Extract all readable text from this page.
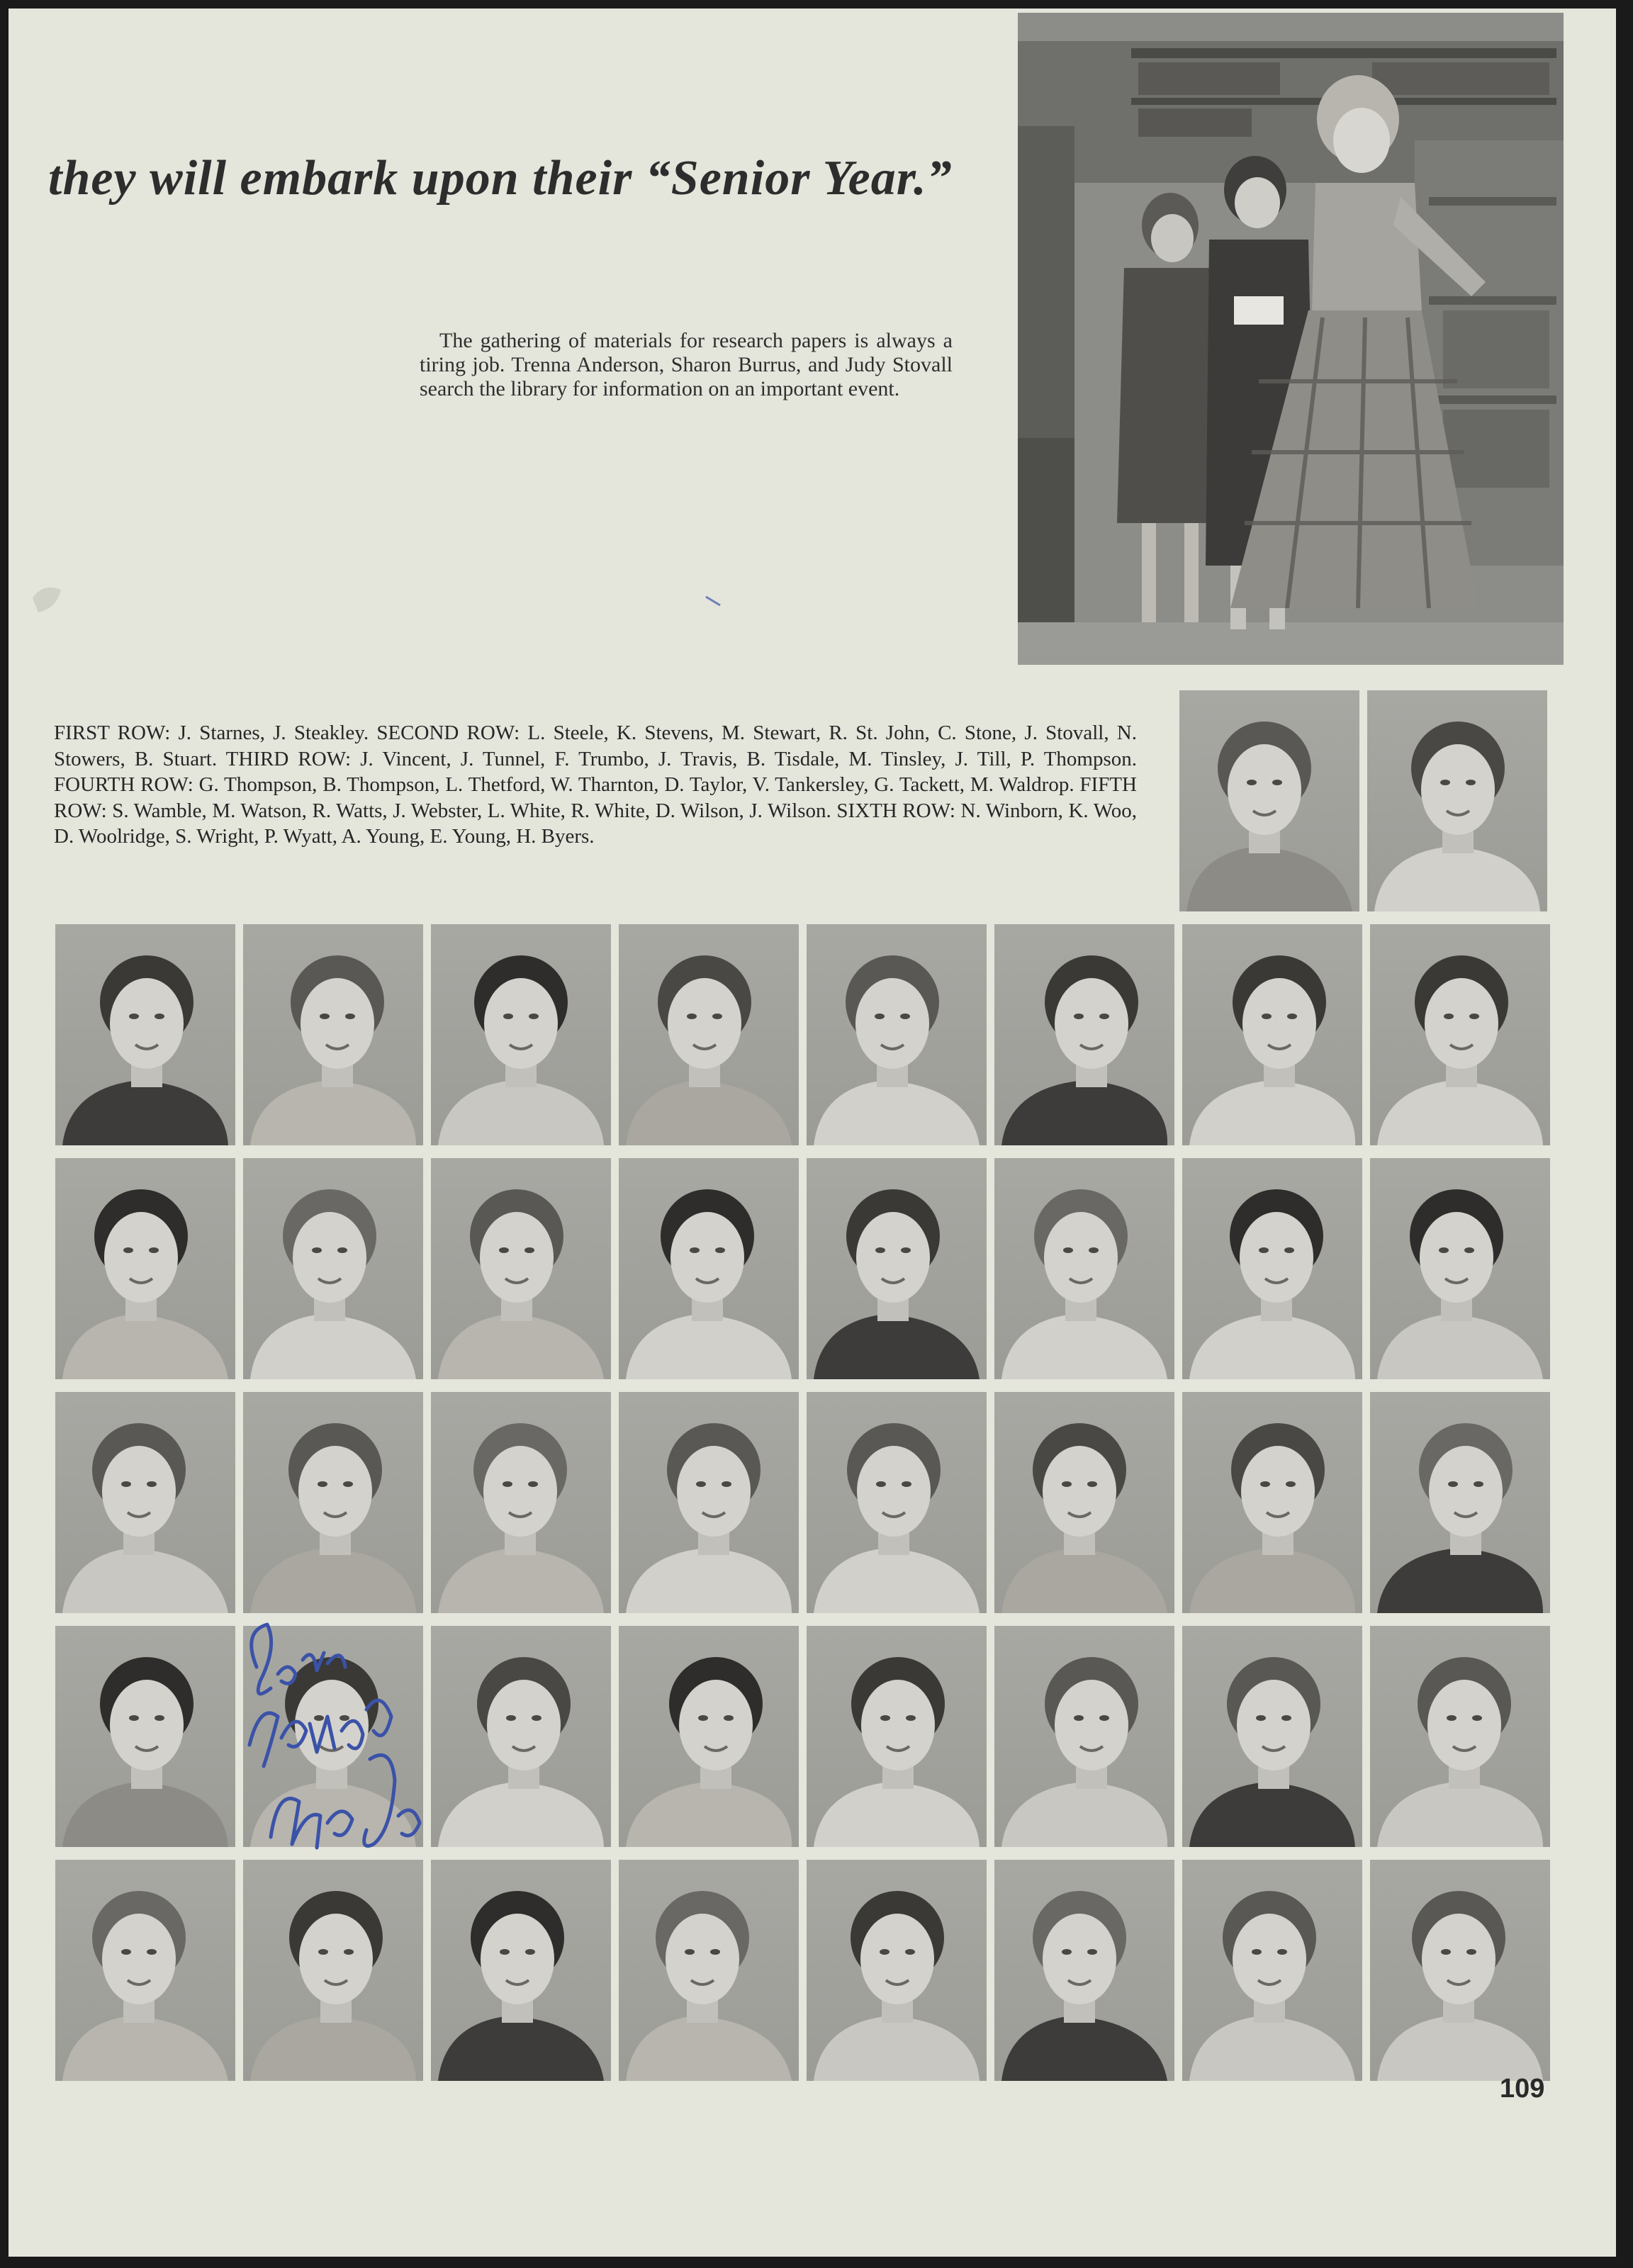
they will embark upon their “Senior Year.”
The gathering of materials for research papers is always a tiring job. Trenna Anderson, Sharon Burrus, and Judy Stovall search the library for information on an important event.
FIRST ROW: J. Starnes, J. Steakley. SECOND ROW: L. Steele, K. Stevens, M. Stewart, R. St. John, C. Stone, J. Stovall, N. Stowers, B. Stuart. THIRD ROW: J. Vincent, J. Tunnel, F. Trumbo, J. Travis, B. Tisdale, M. Tinsley, J. Till, P. Thompson. FOURTH ROW: G. Thompson, B. Thompson, L. Thetford, W. Tharnton, D. Taylor, V. Tankersley, G. Tackett, M. Waldrop. FIFTH ROW: S. Wamble, M. Watson, R. Watts, J. Webster, L. White, R. White, D. Wilson, J. Wilson. SIXTH ROW: N. Winborn, K. Woo, D. Woolridge, S. Wright, P. Wyatt, A. Young, E. Young, H. Byers.
109
